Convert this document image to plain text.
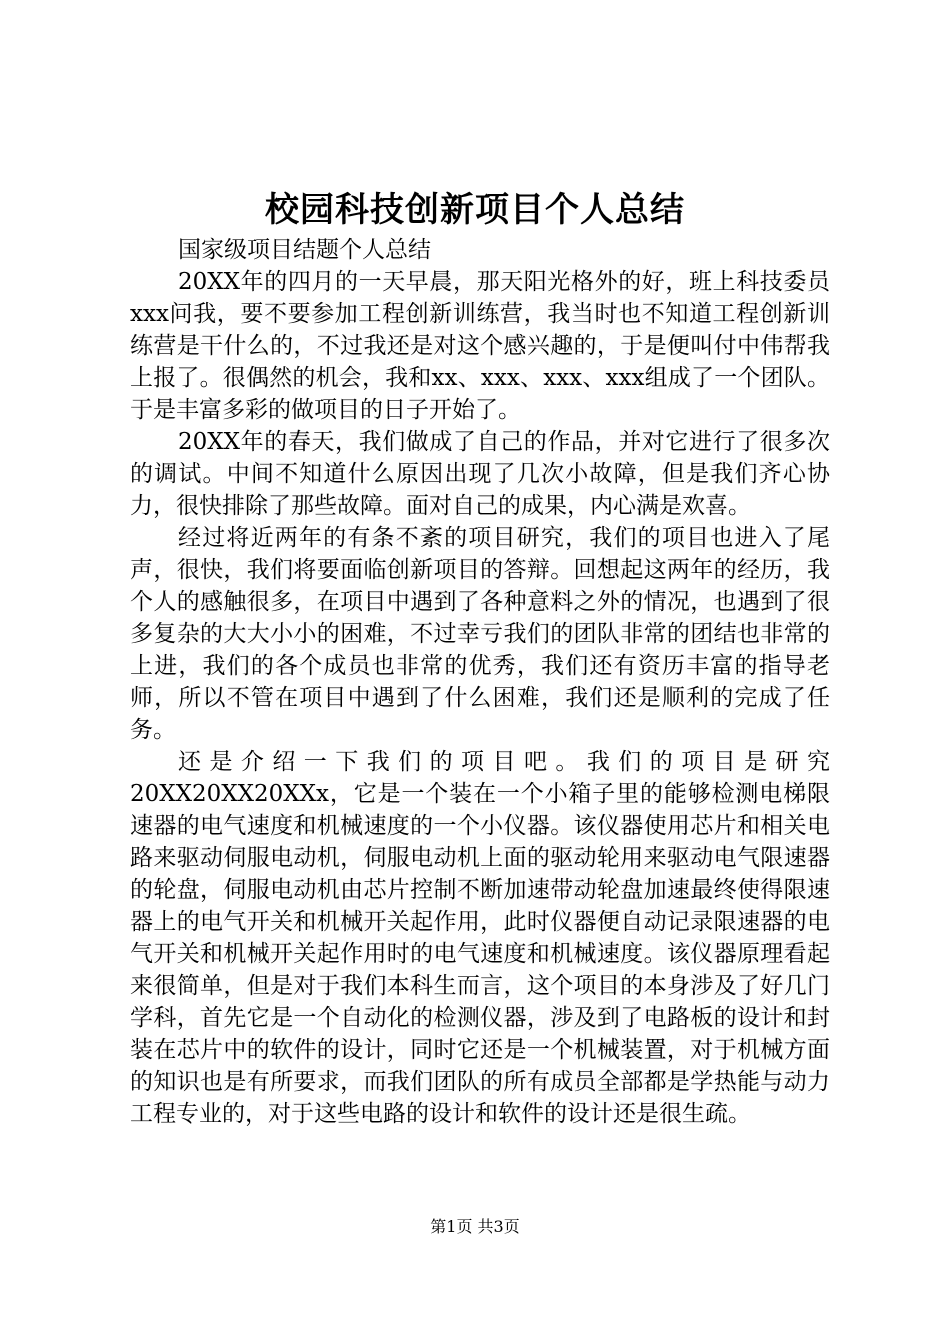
校园科技创新项目个人总结

国家级项目结题个人总结

20XX年的四月的一天早晨，那天阳光格外的好，班上科技委员xxx问我，要不要参加工程创新训练营，我当时也不知道工程创新训练营是干什么的，不过我还是对这个感兴趣的，于是便叫付中伟帮我上报了。很偶然的机会，我和xx、xxx、xxx、xxx组成了一个团队。于是丰富多彩的做项目的日子开始了。

20XX年的春天，我们做成了自己的作品，并对它进行了很多次的调试。中间不知道什么原因出现了几次小故障，但是我们齐心协力，很快排除了那些故障。面对自己的成果，内心满是欢喜。

经过将近两年的有条不紊的项目研究，我们的项目也进入了尾声，很快，我们将要面临创新项目的答辩。回想起这两年的经历，我个人的感触很多，在项目中遇到了各种意料之外的情况，也遇到了很多复杂的大大小小的困难，不过幸亏我们的团队非常的团结也非常的上进，我们的各个成员也非常的优秀，我们还有资历丰富的指导老师，所以不管在项目中遇到了什么困难，我们还是顺利的完成了任务。

还是介绍一下我们的项目吧。我们的项目是研究20XX20XX20XXx，它是一个装在一个小箱子里的能够检测电梯限速器的电气速度和机械速度的一个小仪器。该仪器使用芯片和相关电路来驱动伺服电动机，伺服电动机上面的驱动轮用来驱动电气限速器的轮盘，伺服电动机由芯片控制不断加速带动轮盘加速最终使得限速器上的电气开关和机械开关起作用，此时仪器便自动记录限速器的电气开关和机械开关起作用时的电气速度和机械速度。该仪器原理看起来很简单，但是对于我们本科生而言，这个项目的本身涉及了好几门学科，首先它是一个自动化的检测仪器，涉及到了电路板的设计和封装在芯片中的软件的设计，同时它还是一个机械装置，对于机械方面的知识也是有所要求，而我们团队的所有成员全部都是学热能与动力工程专业的，对于这些电路的设计和软件的设计还是很生疏。

第1页 共3页
